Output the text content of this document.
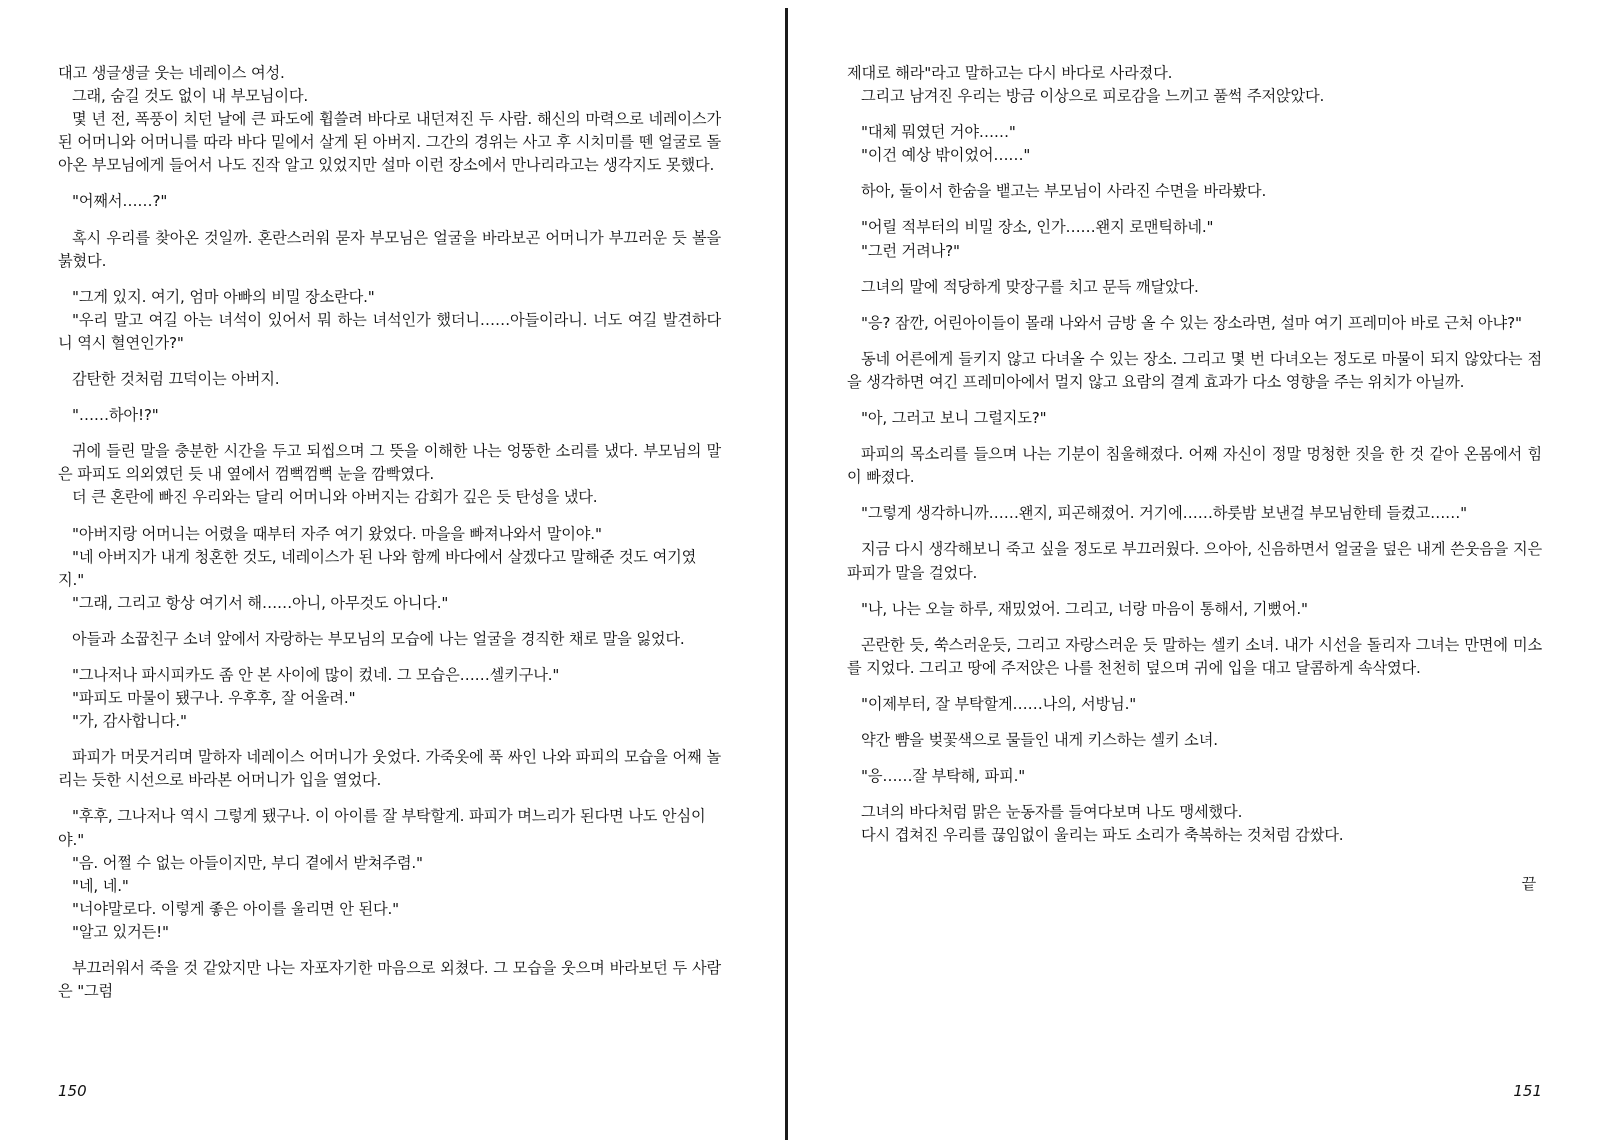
대고 생글생글 웃는 네레이스 여성.

그래, 숨길 것도 없이 내 부모님이다.

몇 년 전, 폭풍이 치던 날에 큰 파도에 휩쓸려 바다로 내던져진 두 사람. 해신의 마력으로 네레이스가 된 어머니와 어머니를 따라 바다 밑에서 살게 된 아버지. 그간의 경위는 사고 후 시치미를 뗀 얼굴로 돌아온 부모님에게 들어서 나도 진작 알고 있었지만 설마 이런 장소에서 만나리라고는 생각지도 못했다.

"어째서……?"

혹시 우리를 찾아온 것일까. 혼란스러워 묻자 부모님은 얼굴을 바라보곤 어머니가 부끄러운 듯 볼을 붉혔다.

"그게 있지. 여기, 엄마 아빠의 비밀 장소란다."

"우리 말고 여길 아는 녀석이 있어서 뭐 하는 녀석인가 했더니……아들이라니. 너도 여길 발견하다니 역시 혈연인가?"

감탄한 것처럼 끄덕이는 아버지.

"……하아!?"

귀에 들린 말을 충분한 시간을 두고 되씹으며 그 뜻을 이해한 나는 엉뚱한 소리를 냈다. 부모님의 말은 파피도 의외였던 듯 내 옆에서 껌뻑껌뻑 눈을 깜빡였다.

더 큰 혼란에 빠진 우리와는 달리 어머니와 아버지는 감회가 깊은 듯 탄성을 냈다.

"아버지랑 어머니는 어렸을 때부터 자주 여기 왔었다. 마을을 빠져나와서 말이야."

"네 아버지가 내게 청혼한 것도, 네레이스가 된 나와 함께 바다에서 살겠다고 말해준 것도 여기였지."

"그래, 그리고 항상 여기서 해……아니, 아무것도 아니다."

아들과 소꿉친구 소녀 앞에서 자랑하는 부모님의 모습에 나는 얼굴을 경직한 채로 말을 잃었다.

"그나저나 파시피카도 좀 안 본 사이에 많이 컸네. 그 모습은……셀키구나."

"파피도 마물이 됐구나. 우후후, 잘 어울려."

"가, 감사합니다."

파피가 머뭇거리며 말하자 네레이스 어머니가 웃었다. 가죽옷에 푹 싸인 나와 파피의 모습을 어째 놀리는 듯한 시선으로 바라본 어머니가 입을 열었다.

"후후, 그나저나 역시 그렇게 됐구나. 이 아이를 잘 부탁할게. 파피가 며느리가 된다면 나도 안심이야."

"음. 어쩔 수 없는 아들이지만, 부디 곁에서 받쳐주렴."

"네, 네."

"너야말로다. 이렇게 좋은 아이를 울리면 안 된다."

"알고 있거든!"

부끄러워서 죽을 것 같았지만 나는 자포자기한 마음으로 외쳤다. 그 모습을 웃으며 바라보던 두 사람은 "그럼

150

제대로 해라"라고 말하고는 다시 바다로 사라졌다.

그리고 남겨진 우리는 방금 이상으로 피로감을 느끼고 풀썩 주저앉았다.

"대체 뭐였던 거야……"

"이건 예상 밖이었어……"

하아, 둘이서 한숨을 뱉고는 부모님이 사라진 수면을 바라봤다.

"어릴 적부터의 비밀 장소, 인가……왠지 로맨틱하네."

"그런 거려나?"

그녀의 말에 적당하게 맞장구를 치고 문득 깨달았다.

"응? 잠깐, 어린아이들이 몰래 나와서 금방 올 수 있는 장소라면, 설마 여기 프레미아 바로 근처 아냐?"

동네 어른에게 들키지 않고 다녀올 수 있는 장소. 그리고 몇 번 다녀오는 정도로 마물이 되지 않았다는 점을 생각하면 여긴 프레미아에서 멀지 않고 요람의 결계 효과가 다소 영향을 주는 위치가 아닐까.

"아, 그러고 보니 그럴지도?"

파피의 목소리를 들으며 나는 기분이 침울해졌다. 어째 자신이 정말 멍청한 짓을 한 것 같아 온몸에서 힘이 빠졌다.

"그렇게 생각하니까……왠지, 피곤해졌어. 거기에……하룻밤 보낸걸 부모님한테 들켰고……"

지금 다시 생각해보니 죽고 싶을 정도로 부끄러웠다. 으아아, 신음하면서 얼굴을 덮은 내게 쓴웃음을 지은 파피가 말을 걸었다.

"나, 나는 오늘 하루, 재밌었어. 그리고, 너랑 마음이 통해서, 기뻤어."

곤란한 듯, 쑥스러운듯, 그리고 자랑스러운 듯 말하는 셀키 소녀. 내가 시선을 돌리자 그녀는 만면에 미소를 지었다. 그리고 땅에 주저앉은 나를 천천히 덮으며 귀에 입을 대고 달콤하게 속삭였다.

"이제부터, 잘 부탁할게……나의, 서방님."

약간 뺨을 벚꽃색으로 물들인 내게 키스하는 셀키 소녀.

"응……잘 부탁해, 파피."

그녀의 바다처럼 맑은 눈동자를 들여다보며 나도 맹세했다.

다시 겹쳐진 우리를 끊임없이 울리는 파도 소리가 축복하는 것처럼 감쌌다.

끝
151
